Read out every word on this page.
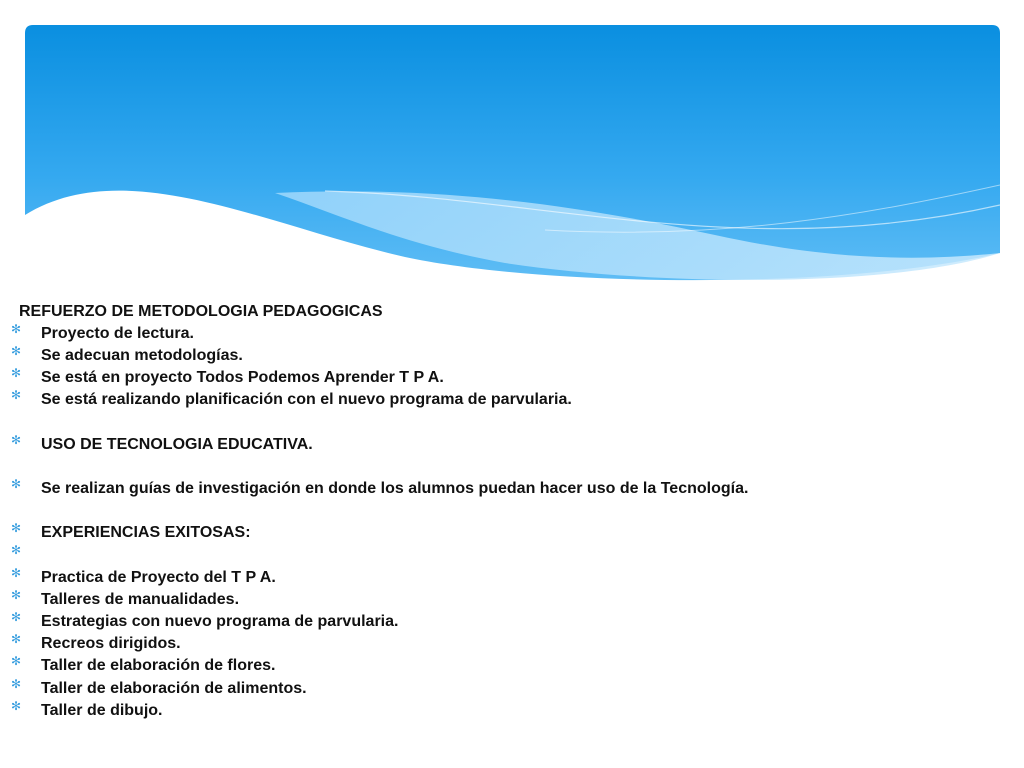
REFUERZO DE METODOLOGIA PEDAGOGICAS
✻ Proyecto de lectura.
✻ Se adecuan metodologías.
✻ Se está en proyecto Todos Podemos Aprender T P A.
✻ Se está realizando planificación con el nuevo programa de parvularia.
✻ USO DE TECNOLOGIA EDUCATIVA.
✻ Se realizan guías de investigación en donde los alumnos puedan hacer uso de la Tecnología.
✻ EXPERIENCIAS EXITOSAS:
✻
✻ Practica de Proyecto del T P A.
✻ Talleres de manualidades.
✻ Estrategias con nuevo programa de parvularia.
✻ Recreos dirigidos.
✻ Taller de elaboración de flores.
✻ Taller de elaboración de alimentos.
✻ Taller de dibujo.
